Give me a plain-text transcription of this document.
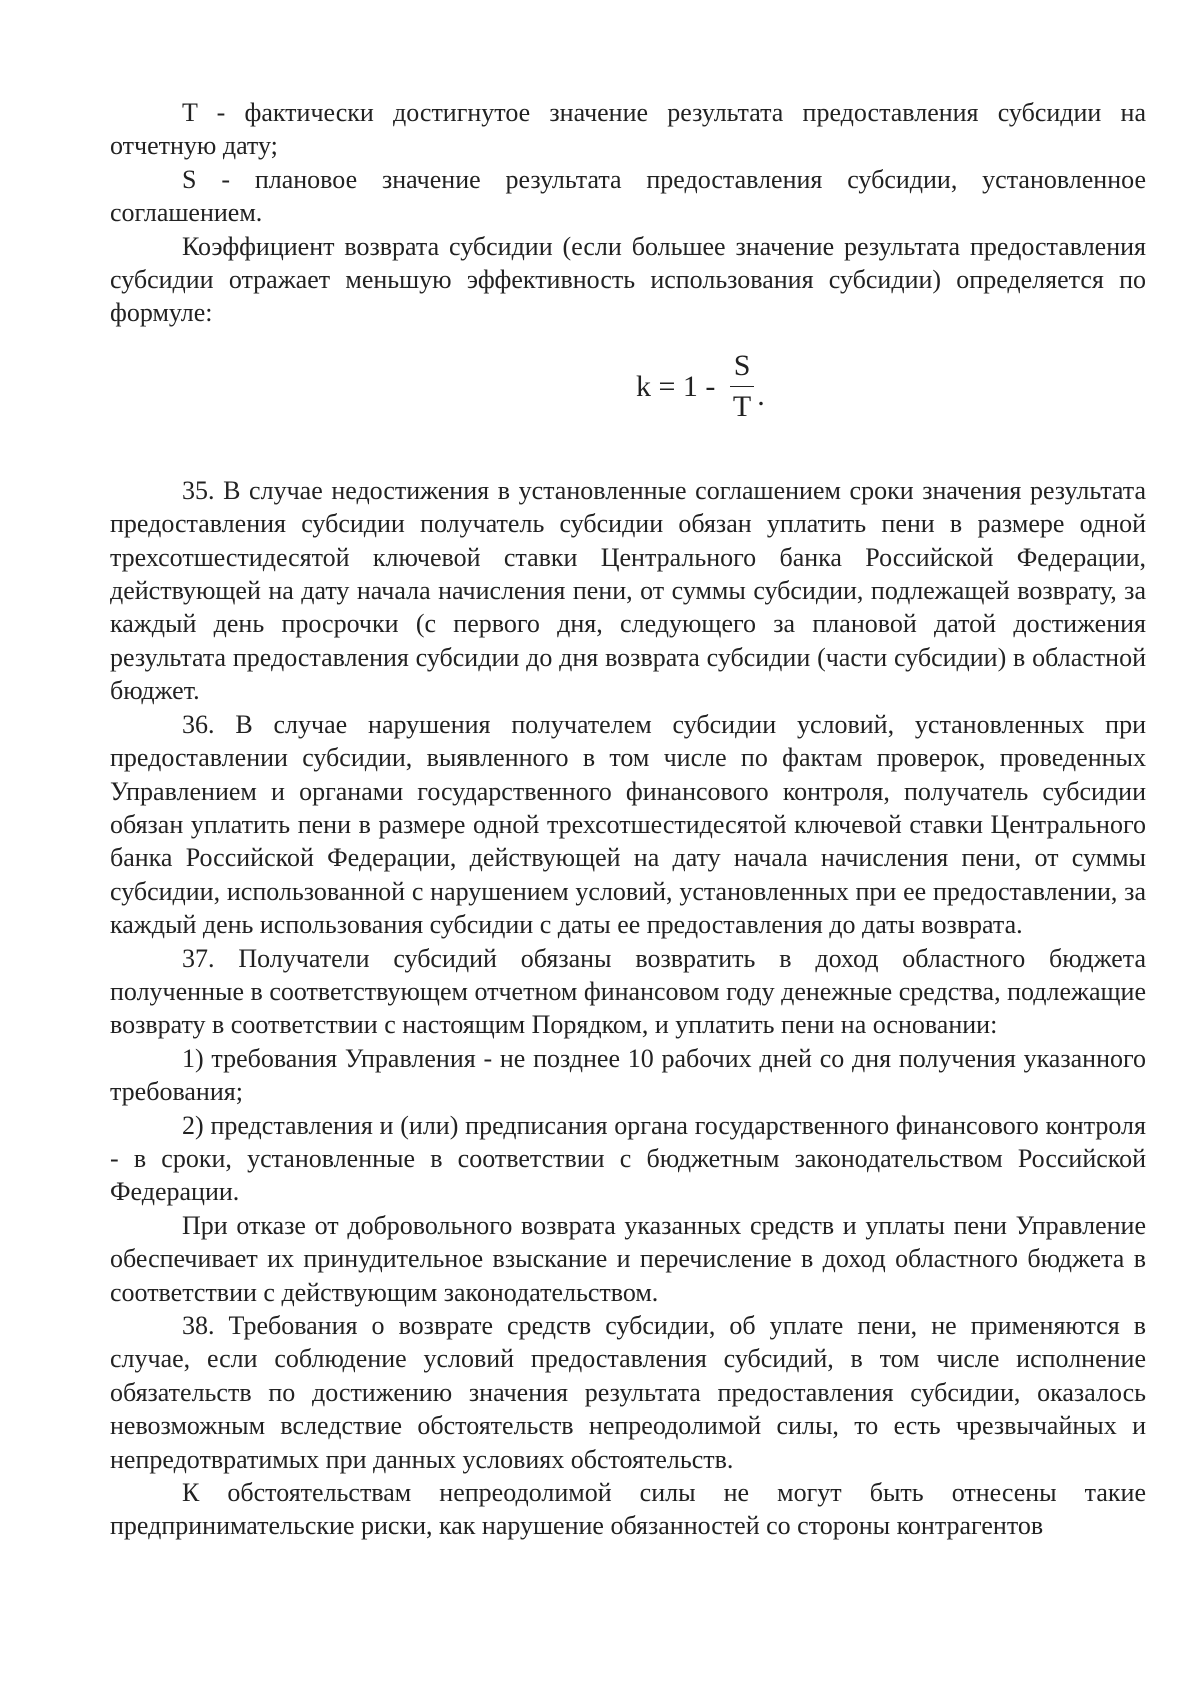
T - фактически достигнутое значение результата предоставления субсидии на отчетную дату;

S - плановое значение результата предоставления субсидии, установленное соглашением.

Коэффициент возврата субсидии (если большее значение результата предоставления субсидии отражает меньшую эффективность использования субсидии) определяется по формуле:

$k = 1 - \frac{S}{T}$ .

35. В случае недостижения в установленные соглашением сроки значения результата предоставления субсидии получатель субсидии обязан уплатить пени в размере одной трехсотшестидесятой ключевой ставки Центрального банка Российской Федерации, действующей на дату начала начисления пени, от суммы субсидии, подлежащей возврату, за каждый день просрочки (с первого дня, следующего за плановой датой достижения результата предоставления субсидии до дня возврата субсидии (части субсидии) в областной бюджет.

36. В случае нарушения получателем субсидии условий, установленных при предоставлении субсидии, выявленного в том числе по фактам проверок, проведенных Управлением и органами государственного финансового контроля, получатель субсидии обязан уплатить пени в размере одной трехсотшестидесятой ключевой ставки Центрального банка Российской Федерации, действующей на дату начала начисления пени, от суммы субсидии, использованной с нарушением условий, установленных при ее предоставлении, за каждый день использования субсидии с даты ее предоставления до даты возврата.

37. Получатели субсидий обязаны возвратить в доход областного бюджета полученные в соответствующем отчетном финансовом году денежные средства, подлежащие возврату в соответствии с настоящим Порядком, и уплатить пени на основании:

1) требования Управления - не позднее 10 рабочих дней со дня получения указанного требования;

2) представления и (или) предписания органа государственного финансового контроля - в сроки, установленные в соответствии с бюджетным законодательством Российской Федерации.

При отказе от добровольного возврата указанных средств и уплаты пени Управление обеспечивает их принудительное взыскание и перечисление в доход областного бюджета в соответствии с действующим законодательством.

38. Требования о возврате средств субсидии, об уплате пени, не применяются в случае, если соблюдение условий предоставления субсидий, в том числе исполнение обязательств по достижению значения результата предоставления субсидии, оказалось невозможным вследствие обстоятельств непреодолимой силы, то есть чрезвычайных и непредотвратимых при данных условиях обстоятельств.

К обстоятельствам непреодолимой силы не могут быть отнесены такие предпринимательские риски, как нарушение обязанностей со стороны контрагентов
